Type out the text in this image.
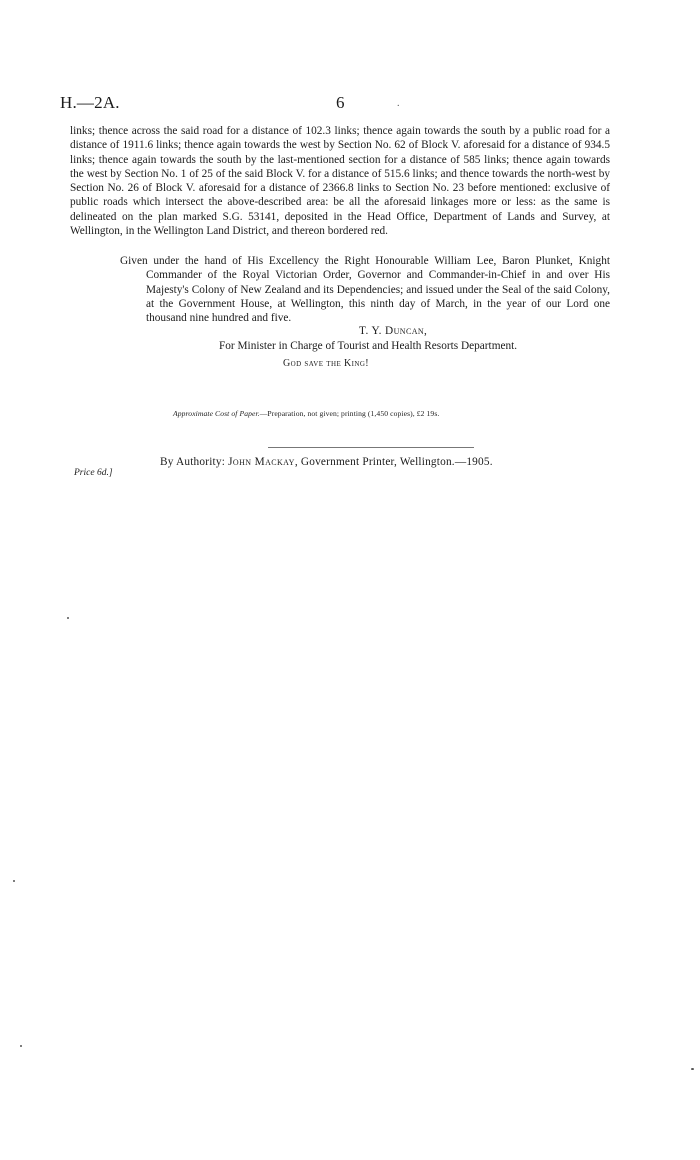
H.—2A.	6	.

links; thence across the said road for a distance of 102.3 links; thence again towards the south by a public road for a distance of 1911.6 links; thence again towards the west by Section No. 62 of Block V. aforesaid for a distance of 934.5 links; thence again towards the south by the last-mentioned section for a distance of 585 links; thence again towards the west by Section No. 1 of 25 of the said Block V. for a distance of 515.6 links; and thence towards the north-west by Section No. 26 of Block V. aforesaid for a distance of 2366.8 links to Section No. 23 before mentioned: exclusive of public roads which intersect the above-described area: be all the aforesaid linkages more or less: as the same is delineated on the plan marked S.G. 53141, deposited in the Head Office, Department of Lands and Survey, at Wellington, in the Wellington Land District, and thereon bordered red.

Given under the hand of His Excellency the Right Honourable William Lee, Baron Plunket, Knight Commander of the Royal Victorian Order, Governor and Commander-in-Chief in and over His Majesty's Colony of New Zealand and its Dependencies; and issued under the Seal of the said Colony, at the Government House, at Wellington, this ninth day of March, in the year of our Lord one thousand nine hundred and five.

T. Y. Duncan,
For Minister in Charge of Tourist and Health Resorts Department.
God save the King!
Approximate Cost of Paper.—Preparation, not given; printing (1,450 copies), £2 19s.
By Authority: John Mackay, Government Printer, Wellington.—1905.
Price 6d.]
